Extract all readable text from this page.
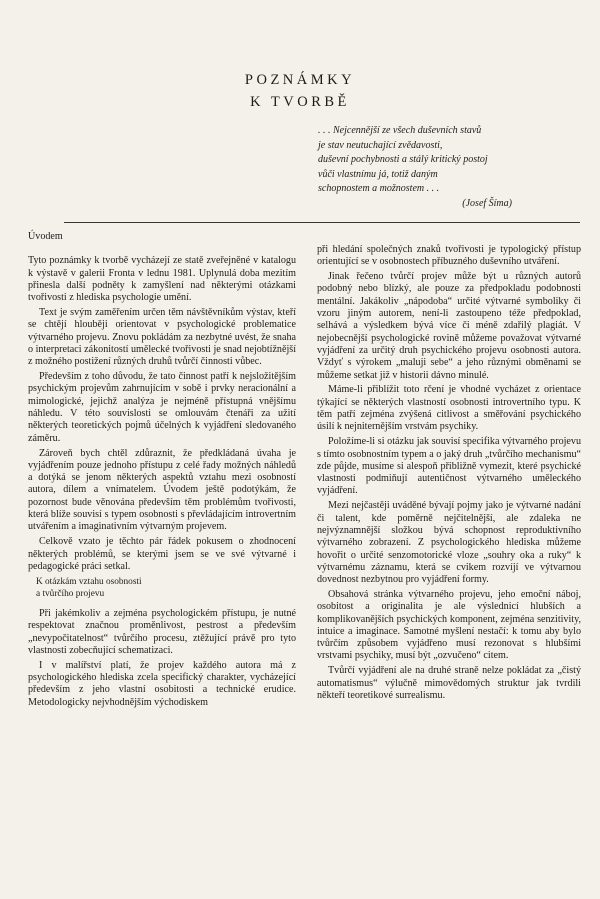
POZNÁMKY
K TVORBĚ
. . . Nejcennější ze všech duševních stavů
je stav neutuchající zvědavosti,
duševní pochybnosti a stálý kritický postoj
vůči vlastnímu já, totiž daným
schopnostem a možnostem . . .
(Josef Šíma)
Úvodem

Tyto poznámky k tvorbě vycházejí ze statě zveřejněné v katalogu k výstavě v galerii Fronta v lednu 1981. Uplynulá doba mezitím přinesla další podněty k zamyšlení nad některými otázkami tvořivosti z hlediska psychologie umění.

Text je svým zaměřením určen těm návštěvníkům výstav, kteří se chtějí hlouběji orientovat v psychologické problematice výtvarného projevu. Znovu pokládám za nezbytné uvést, že snaha o interpretaci zákonitostí umělecké tvořivosti je snad nejobtížnější z možného postižení různých druhů tvůrčí činnosti vůbec.

Především z toho důvodu, že tato činnost patří k nejsložitějším psychickým projevům zahrnujícím v sobě i prvky neracionální a mimologické, jejichž analýza je nejméně přístupná vnějšímu náhledu. V této souvislosti se omlouvám čtenáři za užití některých teoretických pojmů účelných k vyjádření sledovaného záměru.

Zároveň bych chtěl zdůraznit, že předkládaná úvaha je vyjádřením pouze jednoho přístupu z celé řady možných náhledů a dotýká se jenom některých aspektů vztahu mezi osobností autora, dílem a vnímatelem. Úvodem ještě podotýkám, že pozornost bude věnována především těm problémům tvořivosti, která blíže souvisí s typem osobnosti s převládajícím introvertním utvářením a imaginativním výtvarným projevem.

Celkově vzato je těchto pár řádek pokusem o zhodnocení některých problémů, se kterými jsem se ve své výtvarné i pedagogické práci setkal.

K otázkám vztahu osobnosti
a tvůrčího projevu

Při jakémkoliv a zejména psychologickém přístupu, je nutné respektovat značnou proměnlivost, pestrost a především „nevypočitatelnost“ tvůrčího procesu, ztěžující právě pro tyto vlastnosti zobecňující schematizaci.

I v malířství platí, že projev každého autora má z psychologického hlediska zcela specifický charakter, vycházející především z jeho vlastní osobitosti a technické erudice. Metodologicky nejvhodnějším východiskem

při hledání společných znaků tvořivosti je typologický přístup orientující se v osobnostech příbuzného duševního utváření.

Jinak řečeno tvůrčí projev může být u různých autorů podobný nebo blízký, ale pouze za předpokladu podobnosti mentální. Jakákoliv „nápodoba“ určité výtvarné symboliky či vzoru jiným autorem, není-li zastoupeno téže předpoklad, selhává a výsledkem bývá více či méně zdařilý plagiát. V nejobecnější psychologické rovině můžeme považovat výtvarné vyjádření za určitý druh psychického projevu osobnosti autora. Vždyť s výrokem „maluji sebe“ a jeho různými obměnami se můžeme setkat již v historii dávno minulé.

Máme-li přiblížit toto rčení je vhodné vycházet z orientace týkající se některých vlastností osobnosti introvertního typu. K těm patří zejména zvýšená citlivost a směřování psychického úsilí k nejniternějším vrstvám psychiky.

Položíme-li si otázku jak souvisí specifika výtvarného projevu s tímto osobnostním typem a o jaký druh „tvůrčího mechanismu“ zde půjde, musíme si alespoň přibližně vymezit, které psychické vlastnosti podmiňují autentičnost výtvarného uměleckého vyjádření.

Mezi nejčastěji uváděné bývají pojmy jako je výtvarné nadání či talent, kde poměrně nejčitelnější, ale zdaleka ne nejvýznamnější složkou bývá schopnost reproduktivního výtvarného zobrazení. Z psychologického hlediska můžeme hovořit o určité senzomotorické vloze „souhry oka a ruky“ k výtvarnému záznamu, která se cvikem rozvíjí ve výtvarnou dovednost nezbytnou pro vyjádření formy.

Obsahová stránka výtvarného projevu, jeho emoční náboj, osobitost a originalita je ale výslednicí hlubších a komplikovanějších psychických komponent, zejména senzitivity, intuice a imaginace. Samotné myšlení nestačí: k tomu aby bylo tvůrčím způsobem vyjádřeno musí rezonovat s hlubšími vrstvami psychiky, musí být „ozvučeno“ citem.

Tvůrčí vyjádření ale na druhé straně nelze pokládat za „čistý automatismus“ výlučně mimovědomých struktur jak tvrdili někteří teoretikové surrealismu.
